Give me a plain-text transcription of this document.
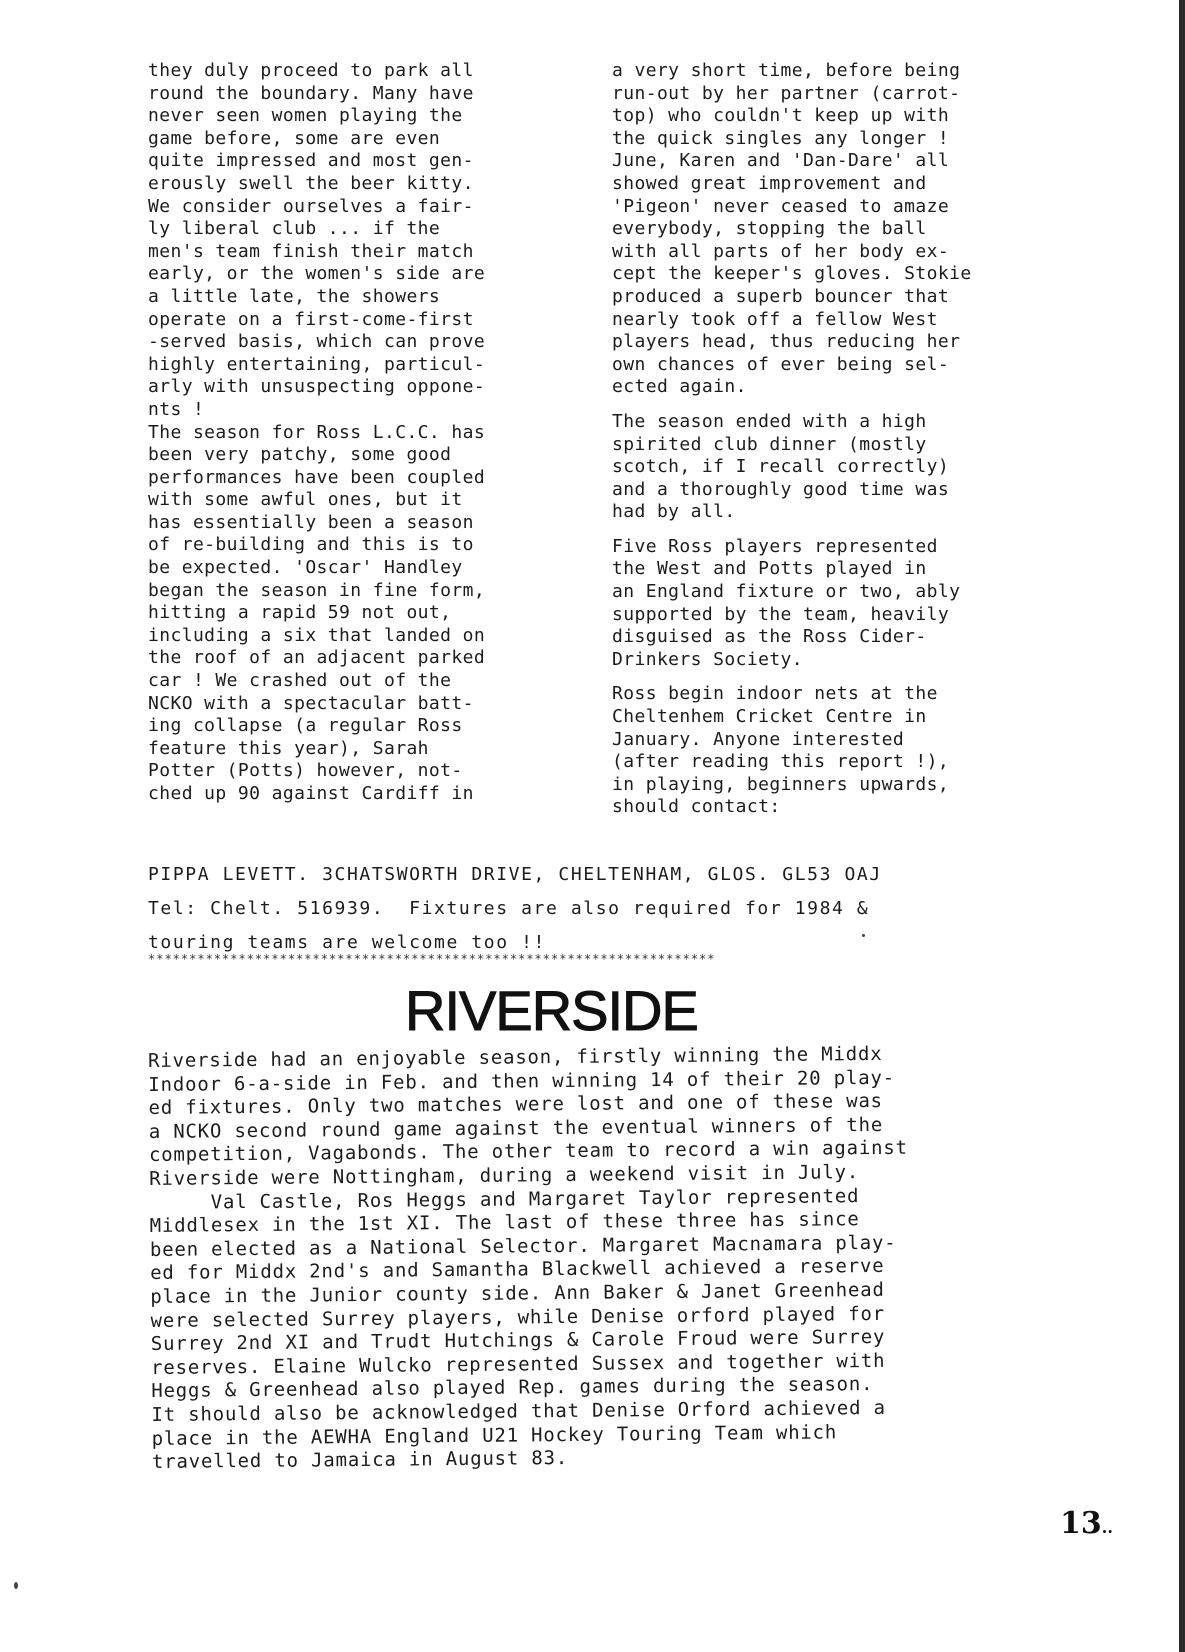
they duly proceed to park all
round the boundary. Many have
never seen women playing the
game before, some are even
quite impressed and most gen-
erously swell the beer kitty.
We consider ourselves a fair-
ly liberal club ... if the
men's team finish their match
early, or the women's side are
a little late, the showers
operate on a first-come-first
-served basis, which can prove
highly entertaining, particul-
arly with unsuspecting oppone-
nts !
The season for Ross L.C.C. has
been very patchy, some good
performances have been coupled
with some awful ones, but it
has essentially been a season
of re-building and this is to
be expected. 'Oscar' Handley
began the season in fine form,
hitting a rapid 59 not out,
including a six that landed on
the roof of an adjacent parked
car ! We crashed out of the
NCKO with a spectacular batt-
ing collapse (a regular Ross
feature this year), Sarah
Potter (Potts) however, not-
ched up 90 against Cardiff in
a very short time, before being
run-out by her partner (carrot-
top) who couldn't keep up with
the quick singles any longer !
June, Karen and 'Dan-Dare' all
showed great improvement and
'Pigeon' never ceased to amaze
everybody, stopping the ball
with all parts of her body ex-
cept the keeper's gloves. Stokie
produced a superb bouncer that
nearly took off a fellow West
players head, thus reducing her
own chances of ever being sel-
ected again.
The season ended with a high
spirited club dinner (mostly
scotch, if I recall correctly)
and a thoroughly good time was
had by all.
Five Ross players represented
the West and Potts played in
an England fixture or two, ably
supported by the team, heavily
disguised as the Ross Cider-
Drinkers Society.
Ross begin indoor nets at the
Cheltenhem Cricket Centre in
January. Anyone interested
(after reading this report !),
in playing, beginners upwards,
should contact:
PIPPA LEVETT. 3CHATSWORTH DRIVE, CHELTENHAM, GLOS. GL53 OAJ
Tel: Chelt. 516939.  Fixtures are also required for 1984 &
touring teams are welcome too !!
*********************************************************************
RIVERSIDE
Riverside had an enjoyable season, firstly winning the Middx
Indoor 6-a-side in Feb. and then winning 14 of their 20 play-
ed fixtures. Only two matches were lost and one of these was
a NCKO second round game against the eventual winners of the
competition, Vagabonds. The other team to record a win against
Riverside were Nottingham, during a weekend visit in July.
Val Castle, Ros Heggs and Margaret Taylor represented
Middlesex in the 1st XI. The last of these three has since
been elected as a National Selector. Margaret Macnamara play-
ed for Middx 2nd's and Samantha Blackwell achieved a reserve
place in the Junior county side. Ann Baker & Janet Greenhead
were selected Surrey players, while Denise orford played for
Surrey 2nd XI and Trudt Hutchings & Carole Froud were Surrey
reserves. Elaine Wulcko represented Sussex and together with
Heggs & Greenhead also played Rep. games during the season.
It should also be acknowledged that Denise Orford achieved a
place in the AEWHA England U21 Hockey Touring Team which
travelled to Jamaica in August 83.
13..
